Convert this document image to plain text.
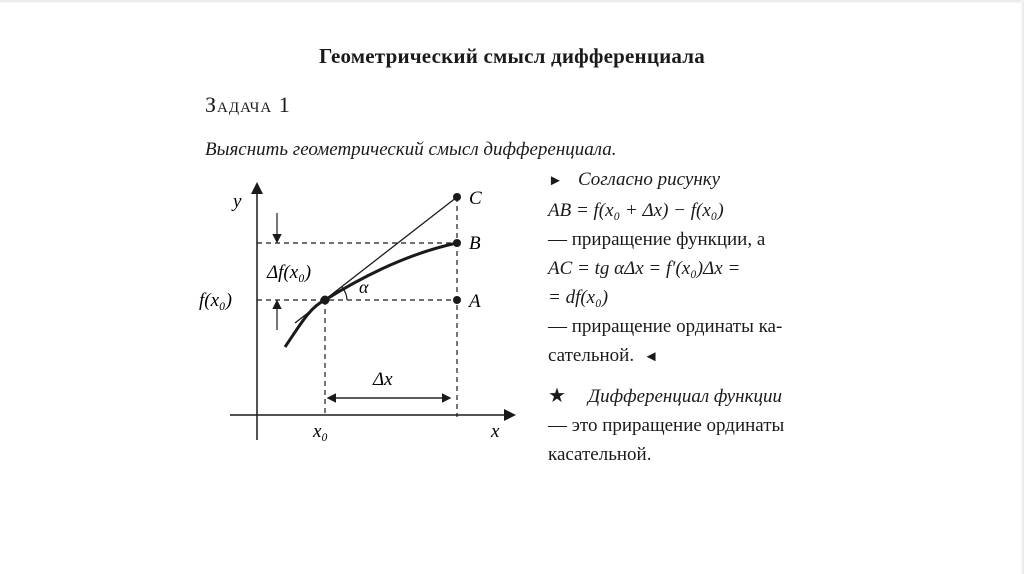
Геометрический смысл дифференциала
Задача 1
Выяснить геометрический смысл дифференциала.
y
x
f(x₀)
Δf(x₀)
α
Δx
x₀
A
B
C
► Согласно рисунку
AB = f(x₀ + Δx) − f(x₀)
— приращение функции, а
AC = tg αΔx = f′(x₀)Δx =
= df(x₀)
— приращение ординаты ка-
сательной. ◄
★ Дифференциал функции
— это приращение ординаты
касательной.
